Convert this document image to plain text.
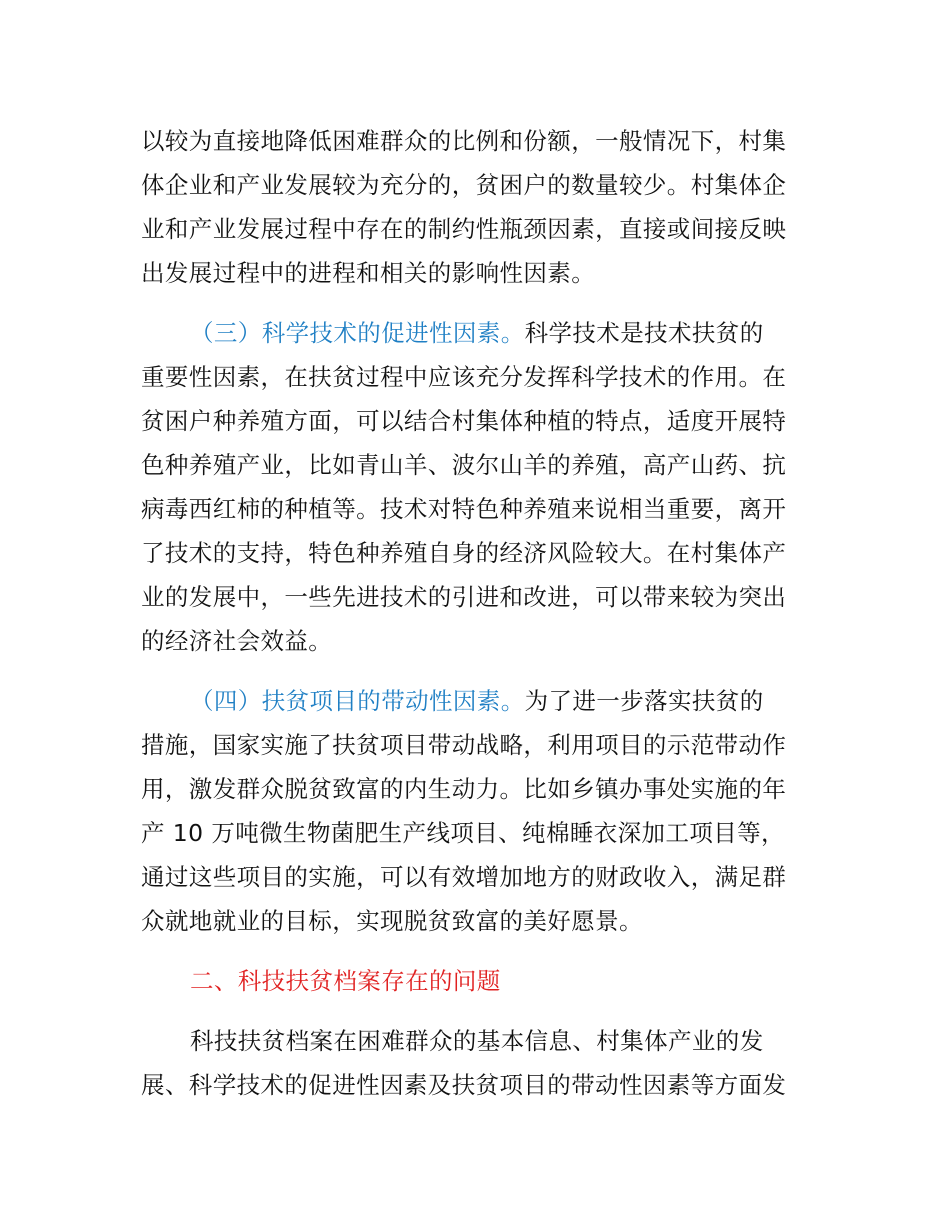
以较为直接地降低困难群众的比例和份额，一般情况下，村集
体企业和产业发展较为充分的，贫困户的数量较少。村集体企
业和产业发展过程中存在的制约性瓶颈因素，直接或间接反映
出发展过程中的进程和相关的影响性因素。
（三）科学技术的促进性因素。科学技术是技术扶贫的
重要性因素，在扶贫过程中应该充分发挥科学技术的作用。在
贫困户种养殖方面，可以结合村集体种植的特点，适度开展特
色种养殖产业，比如青山羊、波尔山羊的养殖，高产山药、抗
病毒西红柿的种植等。技术对特色种养殖来说相当重要，离开
了技术的支持，特色种养殖自身的经济风险较大。在村集体产
业的发展中，一些先进技术的引进和改进，可以带来较为突出
的经济社会效益。
（四）扶贫项目的带动性因素。为了进一步落实扶贫的
措施，国家实施了扶贫项目带动战略，利用项目的示范带动作
用，激发群众脱贫致富的内生动力。比如乡镇办事处实施的年
产 10 万吨微生物菌肥生产线项目、纯棉睡衣深加工项目等，
通过这些项目的实施，可以有效增加地方的财政收入，满足群
众就地就业的目标，实现脱贫致富的美好愿景。
二、科技扶贫档案存在的问题
科技扶贫档案在困难群众的基本信息、村集体产业的发
展、科学技术的促进性因素及扶贫项目的带动性因素等方面发
